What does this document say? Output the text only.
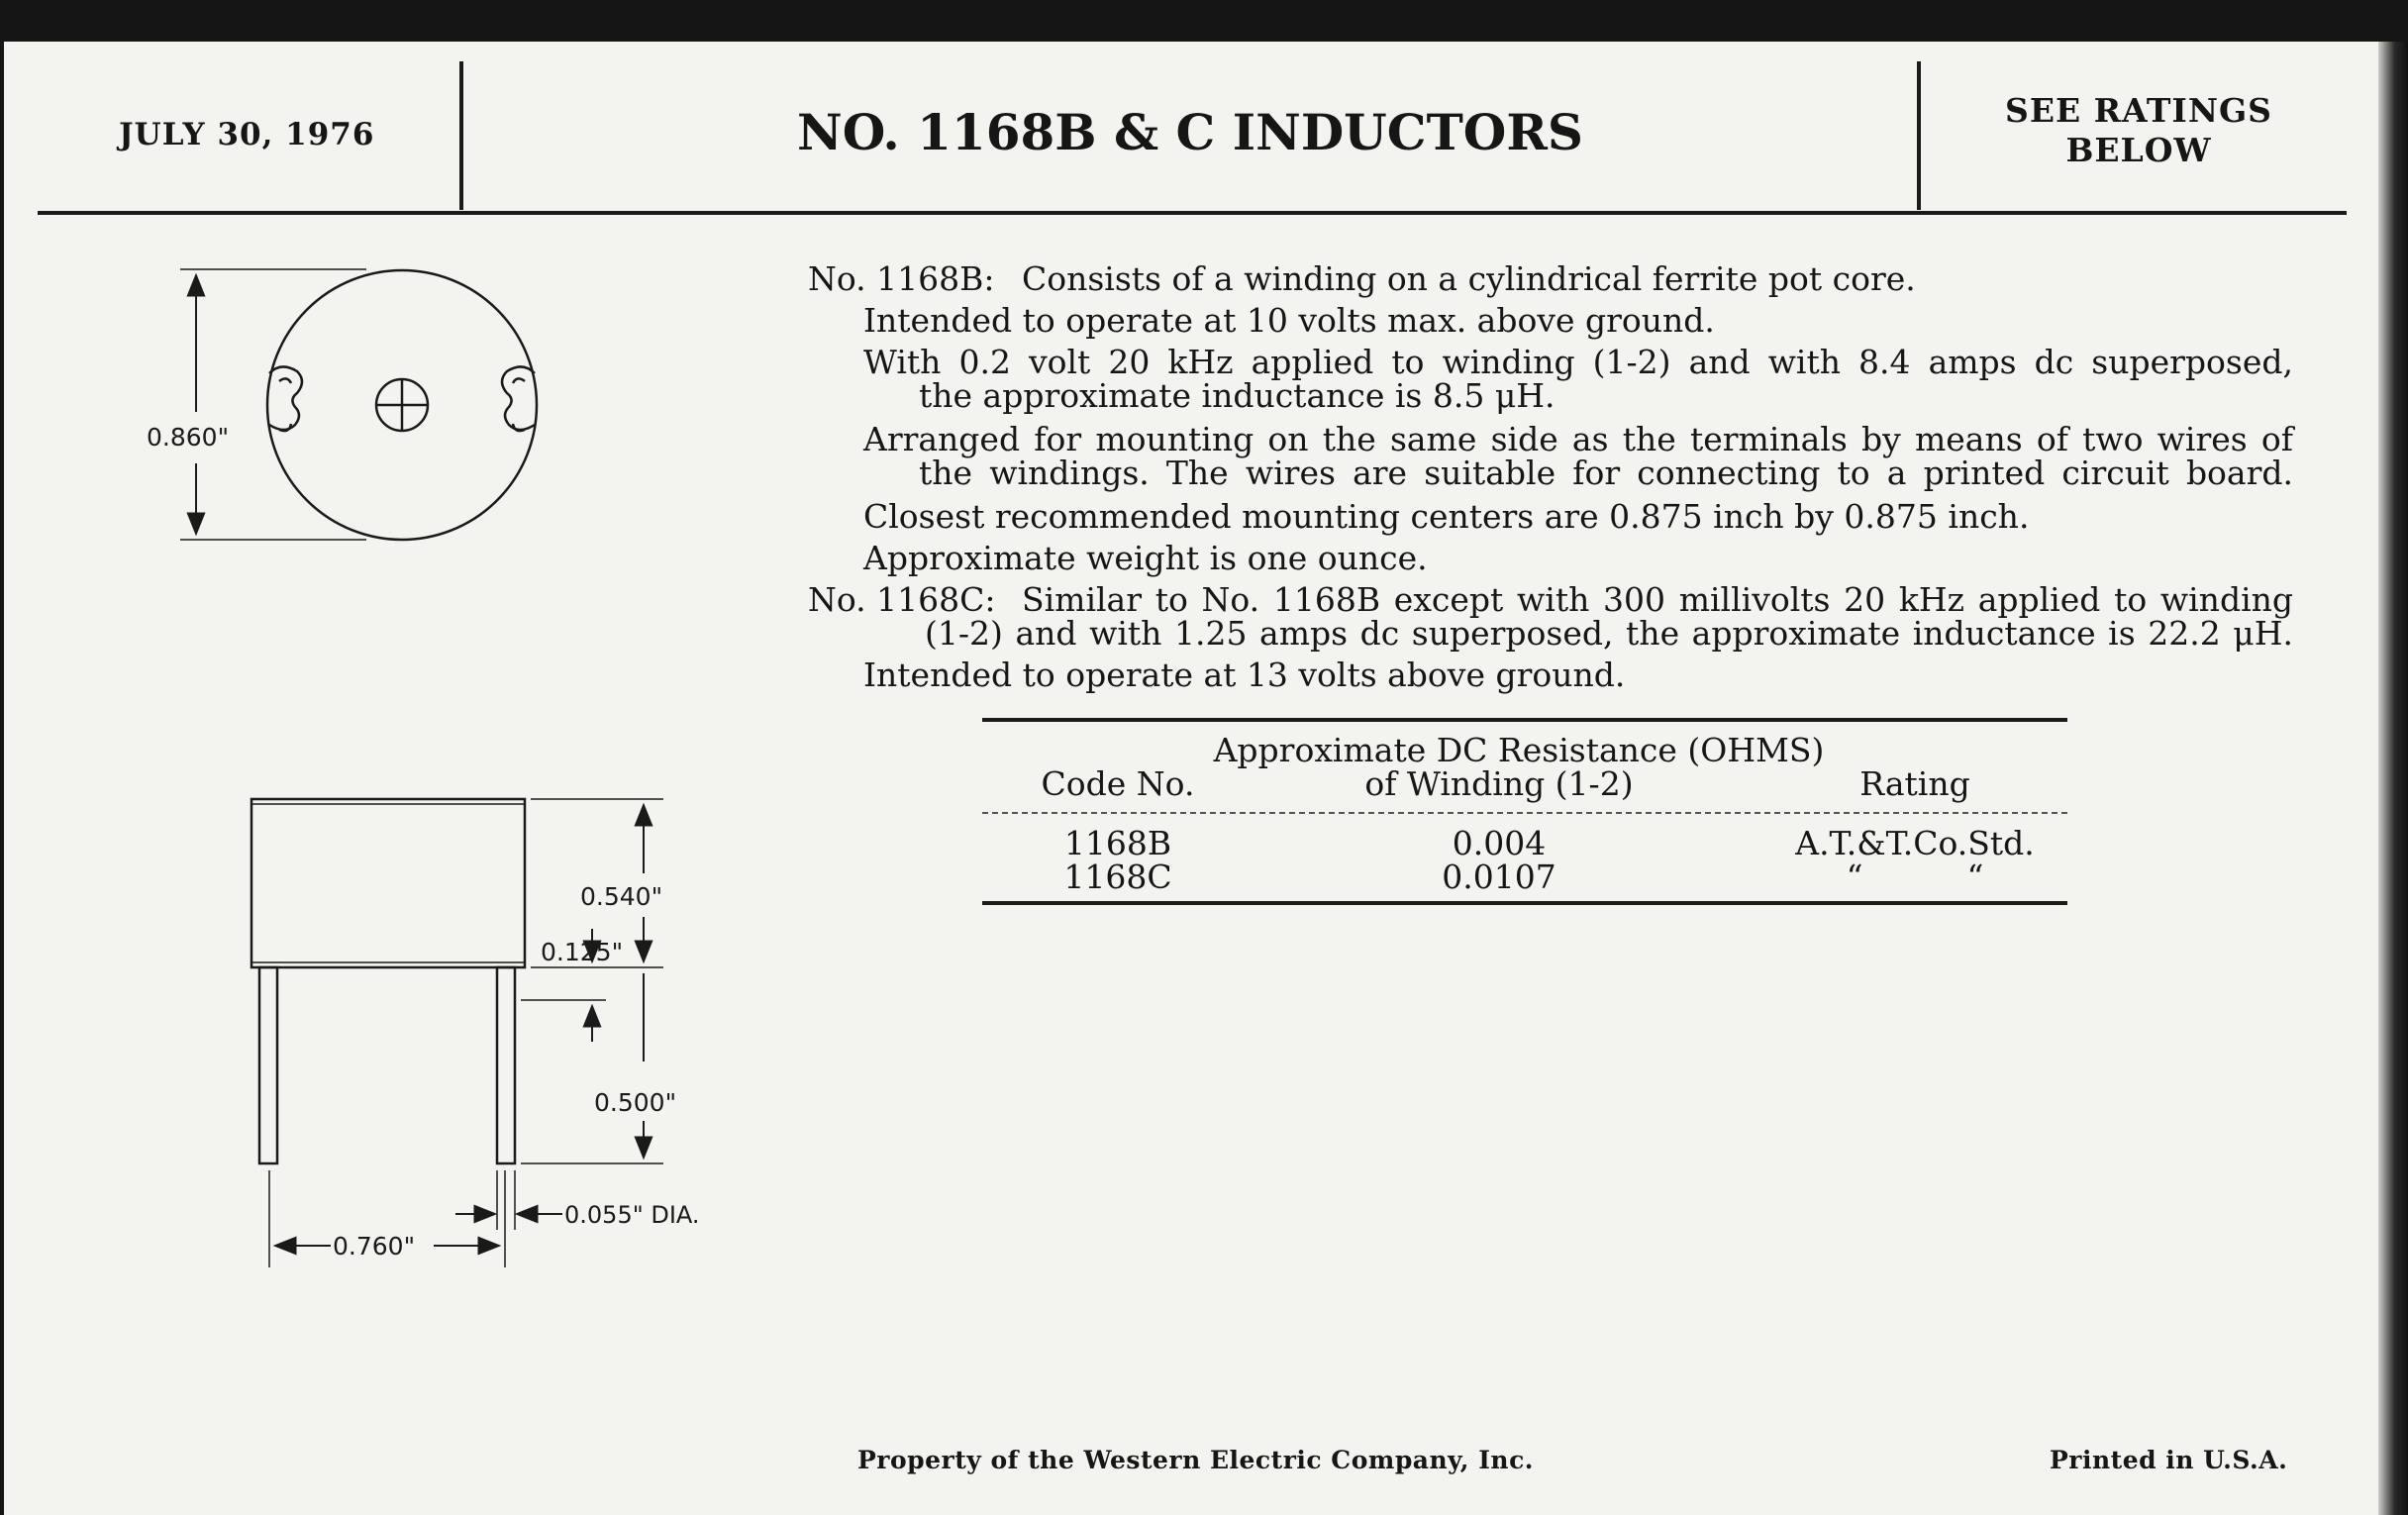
JULY 30, 1976	NO. 1168B & C INDUCTORS	SEE RATINGS
BELOW
No. 1168B: Consists of a winding on a cylindrical ferrite pot core.
Intended to operate at 10 volts max. above ground.
With 0.2 volt 20 kHz applied to winding (1-2) and with 8.4 amps dc superposed,
the approximate inductance is 8.5 μH.
Arranged for mounting on the same side as the terminals by means of two wires of
the windings. The wires are suitable for connecting to a printed circuit board.
Closest recommended mounting centers are 0.875 inch by 0.875 inch.
Approximate weight is one ounce.
No. 1168C: Similar to No. 1168B except with 300 millivolts 20 kHz applied to winding
(1-2) and with 1.25 amps dc superposed, the approximate inductance is 22.2 μH.
Intended to operate at 13 volts above ground.
Approximate DC Resistance (OHMS)
Code No.	of Winding (1-2)	Rating
1168B	0.004	A.T.&T.Co.Std.
1168C	0.0107	“          “
0.860"
0.540"
0.125"
0.500"
0.055" DIA.
0.760"
Property of the Western Electric Company, Inc.	Printed in U.S.A.
